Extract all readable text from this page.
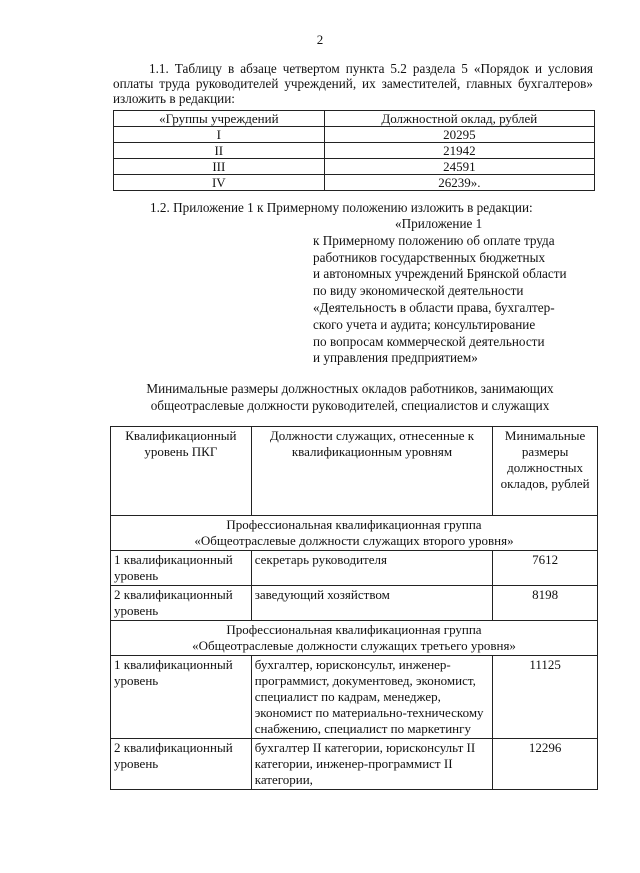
2
1.1. Таблицу в абзаце четвертом пункта 5.2 раздела 5 «Порядок и условия оплаты труда руководителей учреждений, их заместителей, главных бухгалтеров» изложить в редакции:
«Группы учреждений	Должностной оклад, рублей
I	20295
II	21942
III	24591
IV	26239».
1.2. Приложение 1 к Примерному положению изложить в редакции:
«Приложение 1
к Примерному положению об оплате труда
работников государственных бюджетных
и автономных учреждений Брянской области
по виду экономической деятельности
«Деятельность в области права, бухгалтер-
ского учета и аудита; консультирование
по вопросам коммерческой деятельности
и управления предприятием»
Минимальные размеры должностных окладов работников, занимающих
общеотраслевые должности руководителей, специалистов и служащих
Квалификационный уровень ПКГ	Должности служащих, отнесенные к квалификационным уровням	Минимальные размеры должностных окладов, рублей

Профессиональная квалификационная группа
«Общеотраслевые должности служащих второго уровня»		

1 квалификационный уровень	секретарь руководителя	7612
2 квалификационный уровень	заведующий хозяйством	8198

Профессиональная квалификационная группа
«Общеотраслевые должности служащих третьего уровня»		

1 квалификационный уровень	бухгалтер, юрисконсульт, инженер-программист, документовед, экономист, специалист по кадрам, менеджер, экономист по материально-техническому снабжению, специалист по маркетингу	11125
2 квалификационный уровень	бухгалтер II категории, юрисконсульт II категории, инженер-программист II категории,	12296
